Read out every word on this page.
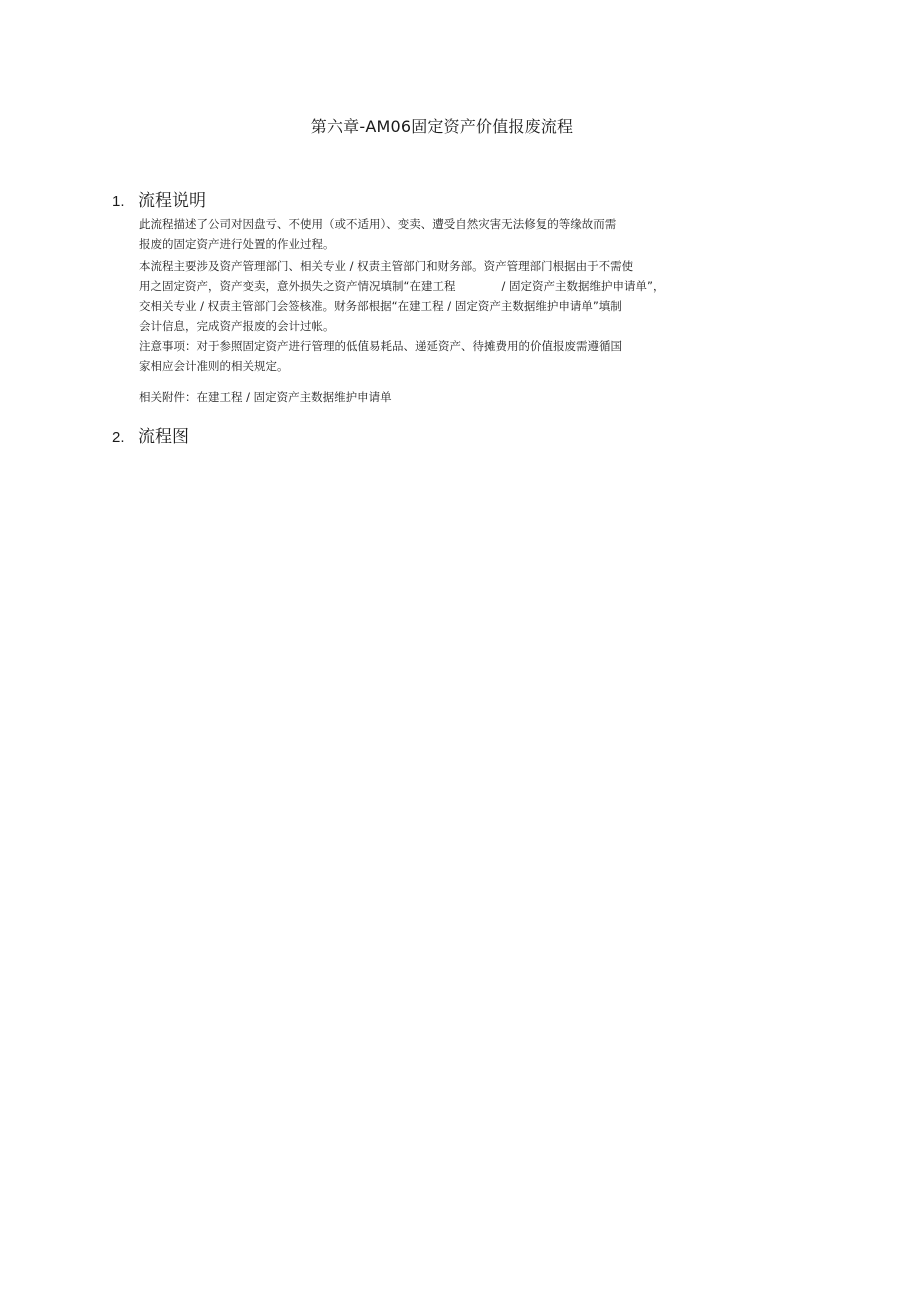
第六章-AM06固定资产价值报废流程
1. 流程说明
此流程描述了公司对因盘亏、不使用（或不适用）、变卖、遭受自然灾害无法修复的等缘故而需
报废的固定资产进行处置的作业过程。
本流程主要涉及资产管理部门、相关专业 / 权责主管部门和财务部。资产管理部门根据由于不需使
用之固定资产，资产变卖，意外损失之资产情况填制“在建工程	/ 固定资产主数据维护申请单”，
交相关专业 / 权责主管部门会签核准。财务部根据“在建工程 / 固定资产主数据维护申请单”填制
会计信息，完成资产报废的会计过帐。
注意事项：对于参照固定资产进行管理的低值易耗品、递延资产、待摊费用的价值报废需遵循国
家相应会计准则的相关规定。
相关附件：在建工程 / 固定资产主数据维护申请单
2. 流程图
